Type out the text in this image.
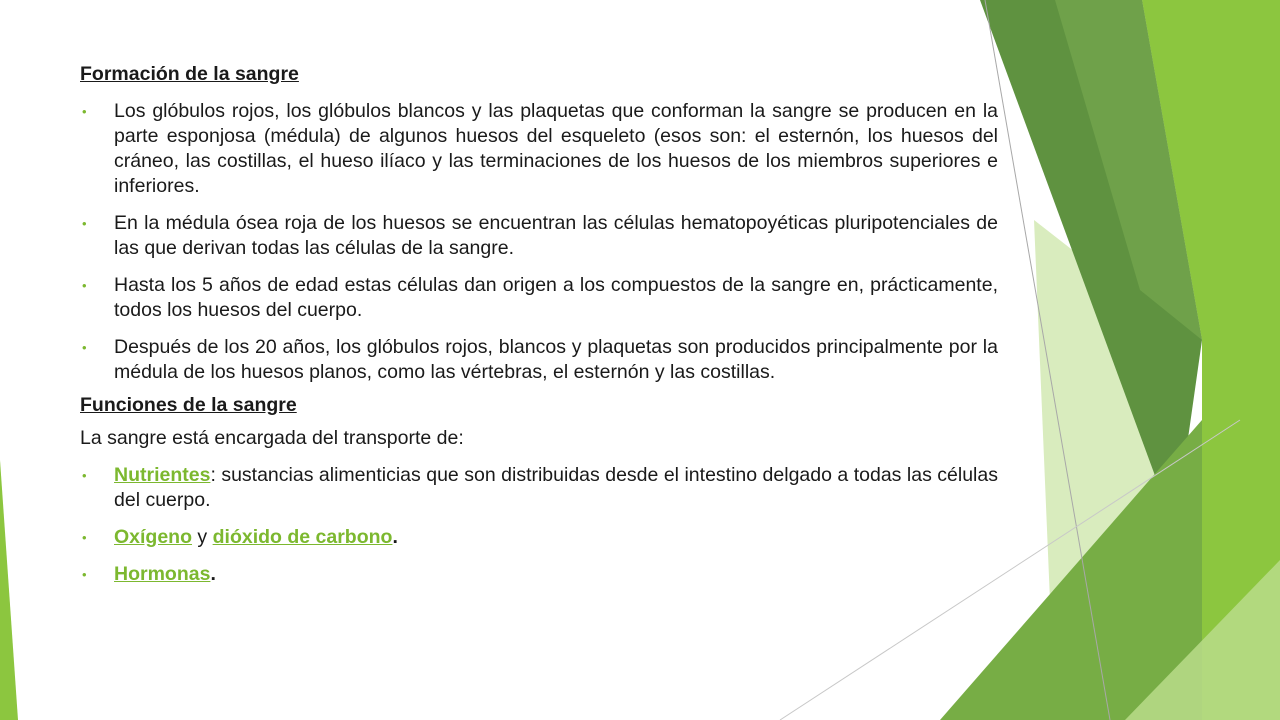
Formación de la sangre
• Los glóbulos rojos, los glóbulos blancos y las plaquetas que conforman la sangre se producen en la parte esponjosa (médula) de algunos huesos del esqueleto (esos son: el esternón, los huesos del cráneo, las costillas, el hueso ilíaco y las terminaciones de los huesos de los miembros superiores e inferiores.
• En la médula ósea roja de los huesos se encuentran las células hematopoyéticas pluripotenciales de las que derivan todas las células de la sangre.
• Hasta los 5 años de edad estas células dan origen a los compuestos de la sangre en, prácticamente, todos los huesos del cuerpo.
• Después de los 20 años, los glóbulos rojos, blancos y plaquetas son producidos principalmente por la médula de los huesos planos, como las vértebras, el esternón y las costillas.
Funciones de la sangre
La sangre está encargada del transporte de:
• Nutrientes: sustancias alimenticias que son distribuidas desde el intestino delgado a todas las células del cuerpo.
• Oxígeno y dióxido de carbono.
• Hormonas.
